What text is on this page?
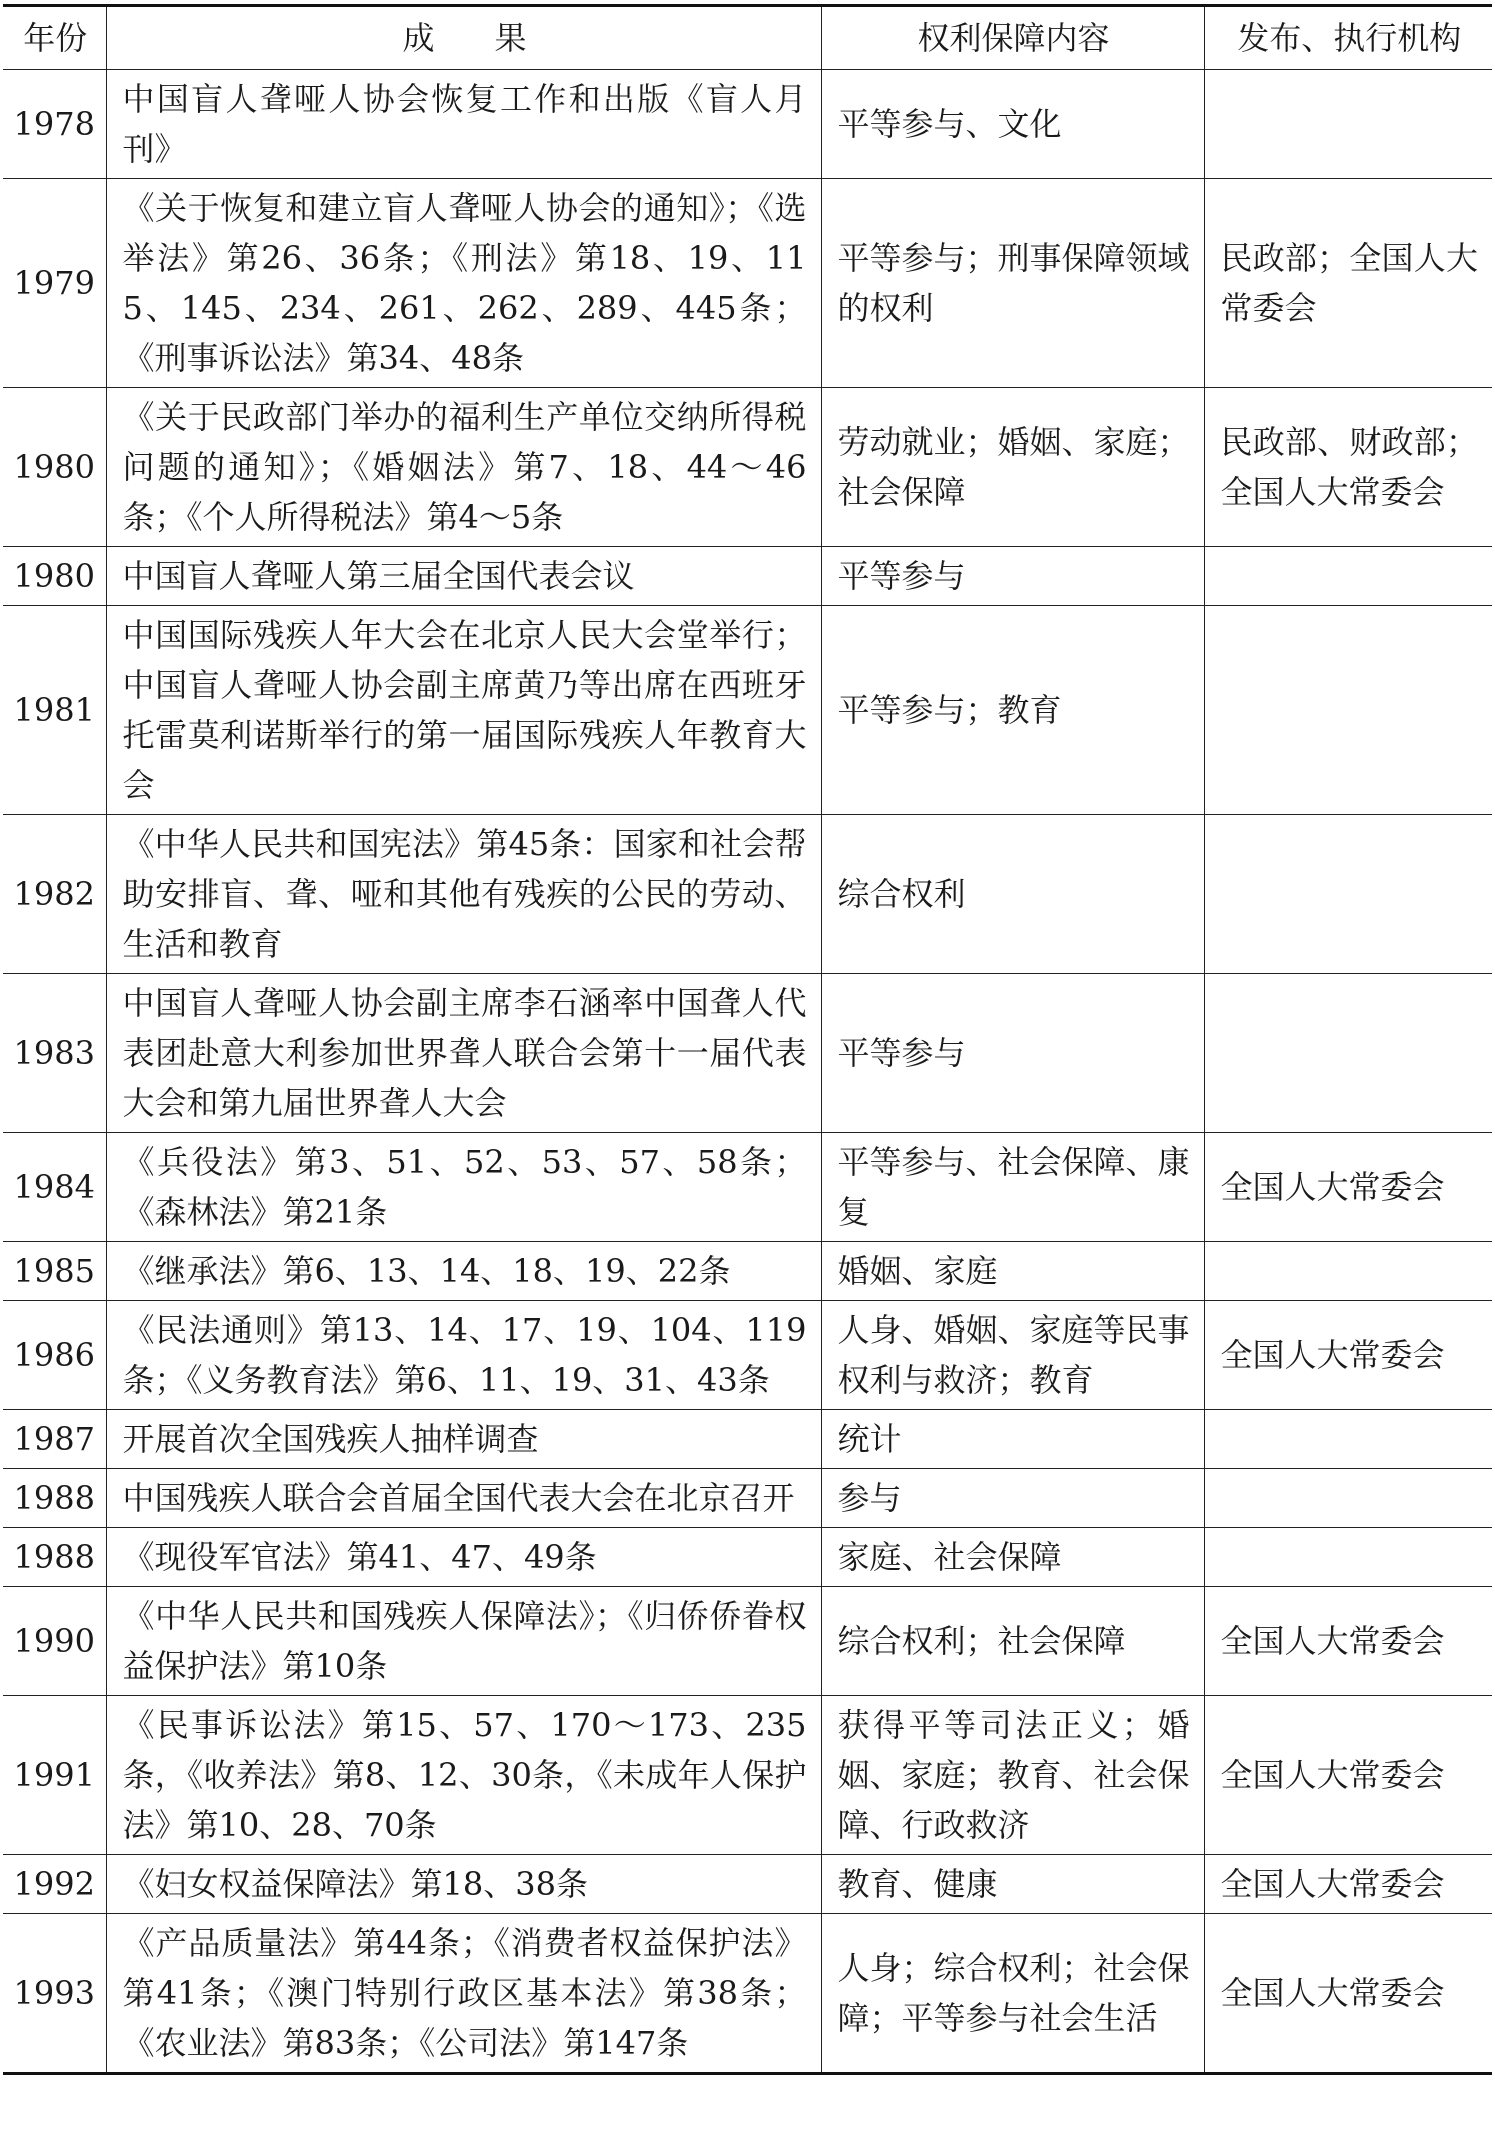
年份	成果	权利保障内容	发布、执行机构
1978	中国盲人聋哑人协会恢复工作和出版《盲人月刊》	平等参与、文化	
1979	《关于恢复和建立盲人聋哑人协会的通知》；《选举法》第26、36条；《刑法》第18、19、115、145、234、261、262、289、445条；《刑事诉讼法》第34、48条	平等参与；刑事保障领域的权利	民政部；全国人大常委会
1980	《关于民政部门举办的福利生产单位交纳所得税问题的通知》；《婚姻法》第7、18、44～46条；《个人所得税法》第4～5条	劳动就业；婚姻、家庭；社会保障	民政部、财政部；全国人大常委会
1980	中国盲人聋哑人第三届全国代表会议	平等参与	
1981	中国国际残疾人年大会在北京人民大会堂举行；中国盲人聋哑人协会副主席黄乃等出席在西班牙托雷莫利诺斯举行的第一届国际残疾人年教育大会	平等参与；教育	
1982	《中华人民共和国宪法》第45条：国家和社会帮助安排盲、聋、哑和其他有残疾的公民的劳动、生活和教育	综合权利	
1983	中国盲人聋哑人协会副主席李石涵率中国聋人代表团赴意大利参加世界聋人联合会第十一届代表大会和第九届世界聋人大会	平等参与	
1984	《兵役法》第3、51、52、53、57、58条；《森林法》第21条	平等参与、社会保障、康复	全国人大常委会
1985	《继承法》第6、13、14、18、19、22条	婚姻、家庭	
1986	《民法通则》第13、14、17、19、104、119条；《义务教育法》第6、11、19、31、43条	人身、婚姻、家庭等民事权利与救济；教育	全国人大常委会
1987	开展首次全国残疾人抽样调查	统计	
1988	中国残疾人联合会首届全国代表大会在北京召开	参与	
1988	《现役军官法》第41、47、49条	家庭、社会保障	
1990	《中华人民共和国残疾人保障法》；《归侨侨眷权益保护法》第10条	综合权利；社会保障	全国人大常委会
1991	《民事诉讼法》第15、57、170～173、235条，《收养法》第8、12、30条，《未成年人保护法》第10、28、70条	获得平等司法正义；婚姻、家庭；教育、社会保障、行政救济	全国人大常委会
1992	《妇女权益保障法》第18、38条	教育、健康	全国人大常委会
1993	《产品质量法》第44条；《消费者权益保护法》第41条；《澳门特别行政区基本法》第38条；《农业法》第83条；《公司法》第147条	人身；综合权利；社会保障；平等参与社会生活	全国人大常委会
